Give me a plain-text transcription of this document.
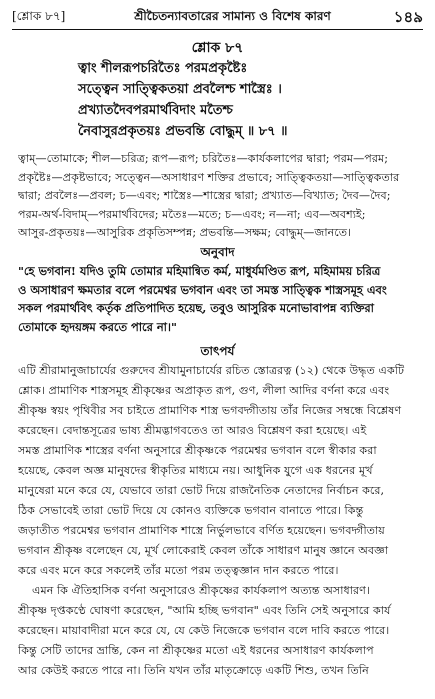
[শ্লোক ৮৭]	শ্রীচৈতন্যাবতারের সামান্য ও বিশেষ কারণ	১৪৯
শ্লোক ৮৭
ত্বাং শীলরূপচরিতৈঃ পরমপ্রকৃষ্টৈঃ
সত্ত্বেন সাত্ত্বিকতয়া প্রবলৈশ্চ শাস্ত্রৈঃ ।
প্রখ্যাতদৈবপরমার্থবিদাং মতৈশ্চ
নৈবাসুরপ্রকৃতয়ঃ প্রভবন্তি বোদ্ধুম্ ॥ ৮৭ ॥
ত্বাম্—তোমাকে; শীল—চরিত্র; রূপ—রূপ; চরিতৈঃ—কার্যকলাপের দ্বারা; পরম—পরম;
প্রকৃষ্টৈঃ—প্রকৃষ্টভাবে; সত্ত্বেন—অসাধারণ শক্তির প্রভাবে; সাত্ত্বিকতয়া—সাত্ত্বিকতার
দ্বারা; প্রবলৈঃ—প্রবল; চ—এবং; শাস্ত্রৈঃ—শাস্ত্রের দ্বারা; প্রখ্যাত—বিখ্যাত; দৈব—দৈব;
পরম-অর্থ-বিদাম্—পরমার্থবিদের; মতৈঃ—মতে; চ—এবং; ন—না; এব—অবশ্যই;
আসুর-প্রকৃতয়ঃ—আসুরিক প্রকৃতিসম্পন্ন; প্রভবন্তি—সক্ষম; বোদ্ধুম্—জানতে।
অনুবাদ
"হে ভগবান! যদিও তুমি তোমার মহিমান্বিত কর্ম, মাধুর্যমণ্ডিত রূপ, মহিমাময় চরিত্র
ও অসাধারণ ক্ষমতার বলে পরমেশ্বর ভগবান এবং তা সমস্ত সাত্ত্বিক শাস্ত্রসমূহ এবং
সকল পরমার্থবিৎ কর্তৃক প্রতিপাদিত হয়েছ, তবুও আসুরিক মনোভাবাপন্ন ব্যক্তিরা
তোমাকে হৃদয়ঙ্গম করতে পারে না।"
তাৎপর্য
এটি শ্রীরামানুজাচার্যের গুরুদেব শ্রীযামুনাচার্যের রচিত স্তোত্ররত্ন (১২) থেকে উদ্ধৃত একটি
শ্লোক। প্রামাণিক শাস্ত্রসমূহ শ্রীকৃষ্ণের অপ্রাকৃত রূপ, গুণ, লীলা আদির বর্ণনা করে এবং
শ্রীকৃষ্ণ স্বয়ং পৃথিবীর সব চাইতে প্রামাণিক শাস্ত্র ভগবদ্গীতায় তাঁর নিজের সম্বন্ধে বিশ্লেষণ
করেছেন। বেদান্তসূত্রের ভাষ্য শ্রীমদ্ভাগবতেও তা আরও বিশ্লেষণ করা হয়েছে। এই
সমস্ত প্রামাণিক শাস্ত্রের বর্ণনা অনুসারে শ্রীকৃষ্ণকে পরমেশ্বর ভগবান বলে স্বীকার করা
হয়েছে, কেবল অজ্ঞ মানুষদের স্বীকৃতির মাধ্যমে নয়। আধুনিক যুগে এক ধরনের মূর্খ
মানুষেরা মনে করে যে, যেভাবে তারা ভোট দিয়ে রাজনৈতিক নেতাদের নির্বাচন করে,
ঠিক সেভাবেই তারা ভোট দিয়ে যে কোনও ব্যক্তিকে ভগবান বানাতে পারে। কিন্তু
জড়াতীত পরমেশ্বর ভগবান প্রামাণিক শাস্ত্রে নির্ভুলভাবে বর্ণিত হয়েছেন। ভগবদ্গীতায়
ভগবান শ্রীকৃষ্ণ বলেছেন যে, মূর্খ লোকেরাই কেবল তাঁকে সাধারণ মানুষ জ্ঞানে অবজ্ঞা
করে এবং মনে করে সকলেই তাঁর মতো পরম তত্ত্বজ্ঞান দান করতে পারে।
এমন কি ঐতিহাসিক বর্ণনা অনুসারেও শ্রীকৃষ্ণের কার্যকলাপ অত্যন্ত অসাধারণ।
শ্রীকৃষ্ণ দৃপ্তকণ্ঠে ঘোষণা করেছেন, "আমি হচ্ছি ভগবান" এবং তিনি সেই অনুসারে কার্য
করেছেন। মায়াবাদীরা মনে করে যে, যে কেউ নিজেকে ভগবান বলে দাবি করতে পারে।
কিন্তু সেটি তাদের ভ্রান্তি, কেন না শ্রীকৃষ্ণের মতো এই ধরনের অসাধারণ কার্যকলাপ
আর কেউই করতে পারে না। তিনি যখন তাঁর মাতৃক্রোড়ে একটি শিশু, তখন তিনি
